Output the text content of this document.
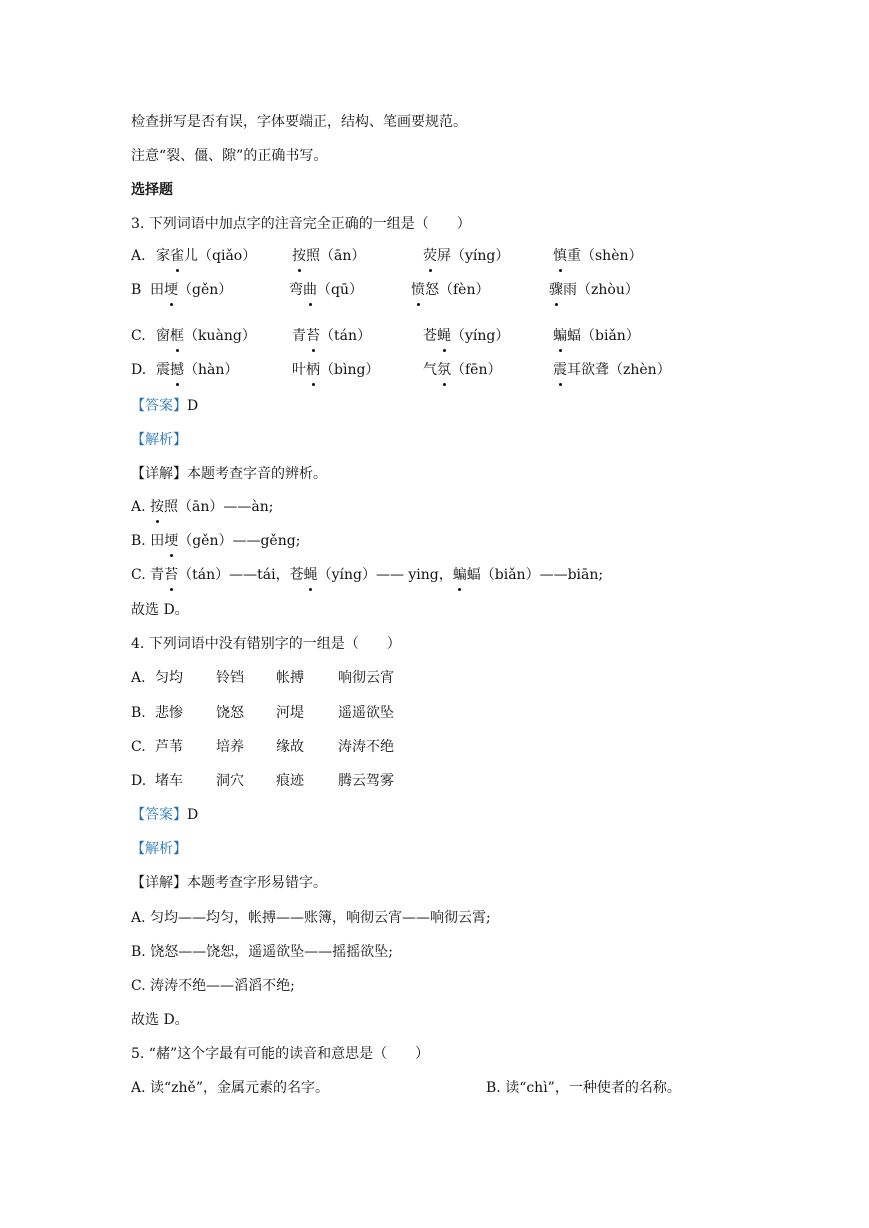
检查拼写是否有误，字体要端正，结构、笔画要规范。
注意“裂、僵、隙”的正确书写。
选择题
3. 下列词语中加点字的注音完全正确的一组是（　　）
A. 家雀儿（qiǎo）	按照（ān）	荧屏（yíng）	慎重（shèn）
B 田埂（gěn）	弯曲（qū）	愤怒（fèn）	骤雨（zhòu）
C. 窗框（kuàng）	青苔（tán）	苍蝇（yíng）	蝙蝠（biǎn）
D. 震撼（hàn）	叶柄（bìng）	气氛（fēn）	震耳欲聋（zhèn）
【答案】D
【解析】
【详解】本题考查字音的辨析。
A. 按照（ān）——àn;
B. 田埂（gěn）——gěng;
C. 青苔（tán）——tái，苍蝇（yíng）—— ying，蝙蝠（biǎn）——biān;
故选 D。
4. 下列词语中没有错别字的一组是（　　）
A. 匀均 铃铛 帐搏 响彻云宵
B. 悲惨 饶怒 河堤 遥遥欲坠
C. 芦苇 培养 缘故 涛涛不绝
D. 堵车 洞穴 痕迹 腾云驾雾
【答案】D
【解析】
【详解】本题考查字形易错字。
A. 匀均——均匀，帐搏——账簿，响彻云宵——响彻云霄;
B. 饶怒——饶恕，遥遥欲坠——摇摇欲坠;
C. 涛涛不绝——滔滔不绝;
故选 D。
5. “赭”这个字最有可能的读音和意思是（　　）
A. 读“zhě”，金属元素的名字。	B. 读“chì”，一种使者的名称。
